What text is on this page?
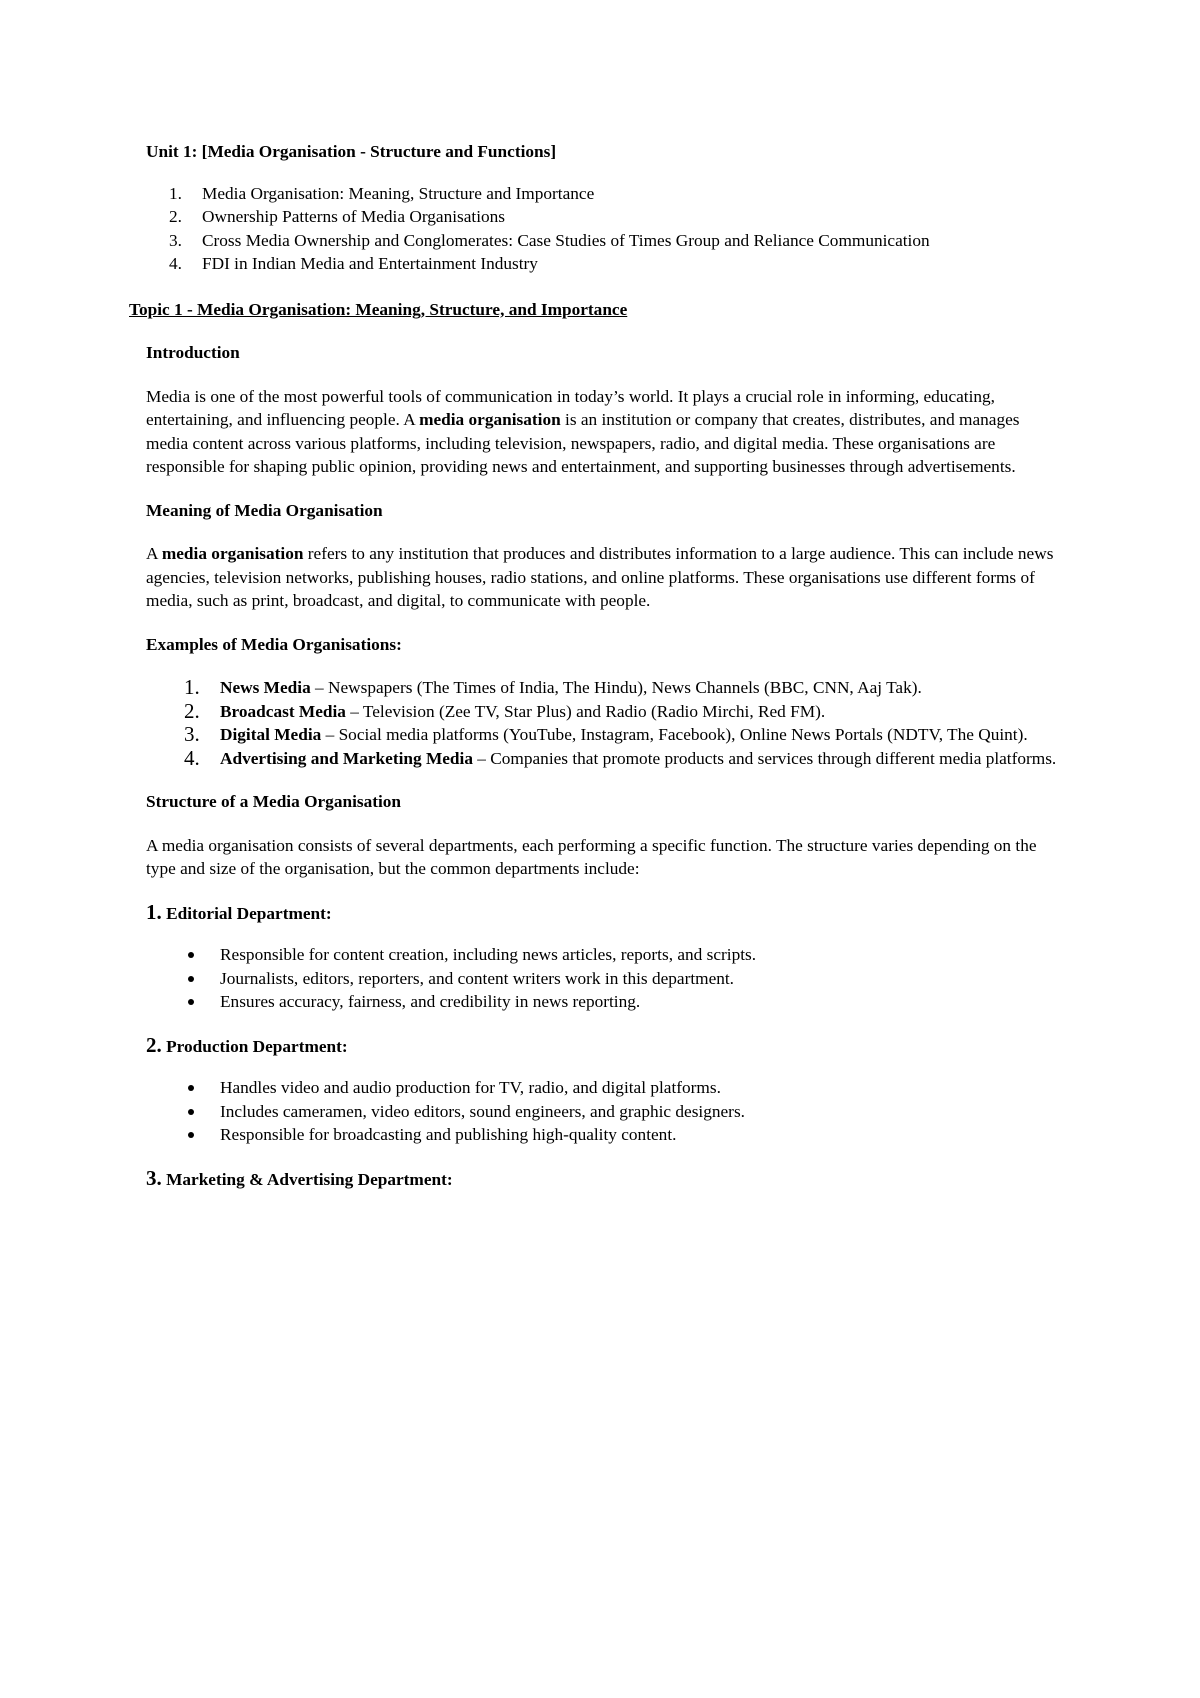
Unit 1: [Media Organisation - Structure and Functions]
1. Media Organisation: Meaning, Structure and Importance
2. Ownership Patterns of Media Organisations
3. Cross Media Ownership and Conglomerates: Case Studies of Times Group and Reliance Communication
4. FDI in Indian Media and Entertainment Industry
Topic 1 - Media Organisation: Meaning, Structure, and Importance
Introduction

Media is one of the most powerful tools of communication in today’s world. It plays a crucial role in informing, educating, entertaining, and influencing people. A media organisation is an institution or company that creates, distributes, and manages media content across various platforms, including television, newspapers, radio, and digital media. These organisations are responsible for shaping public opinion, providing news and entertainment, and supporting businesses through advertisements.

Meaning of Media Organisation

A media organisation refers to any institution that produces and distributes information to a large audience. This can include news agencies, television networks, publishing houses, radio stations, and online platforms. These organisations use different forms of media, such as print, broadcast, and digital, to communicate with people.

Examples of Media Organisations:
1. News Media – Newspapers (The Times of India, The Hindu), News Channels (BBC, CNN, Aaj Tak).
2. Broadcast Media – Television (Zee TV, Star Plus) and Radio (Radio Mirchi, Red FM).
3. Digital Media – Social media platforms (YouTube, Instagram, Facebook), Online News Portals (NDTV, The Quint).
4. Advertising and Marketing Media – Companies that promote products and services through different media platforms.
Structure of a Media Organisation

A media organisation consists of several departments, each performing a specific function. The structure varies depending on the type and size of the organisation, but the common departments include:

1. Editorial Department:
Responsible for content creation, including news articles, reports, and scripts.
Journalists, editors, reporters, and content writers work in this department.
Ensures accuracy, fairness, and credibility in news reporting.
2. Production Department:
Handles video and audio production for TV, radio, and digital platforms.
Includes cameramen, video editors, sound engineers, and graphic designers.
Responsible for broadcasting and publishing high-quality content.
3. Marketing & Advertising Department:
